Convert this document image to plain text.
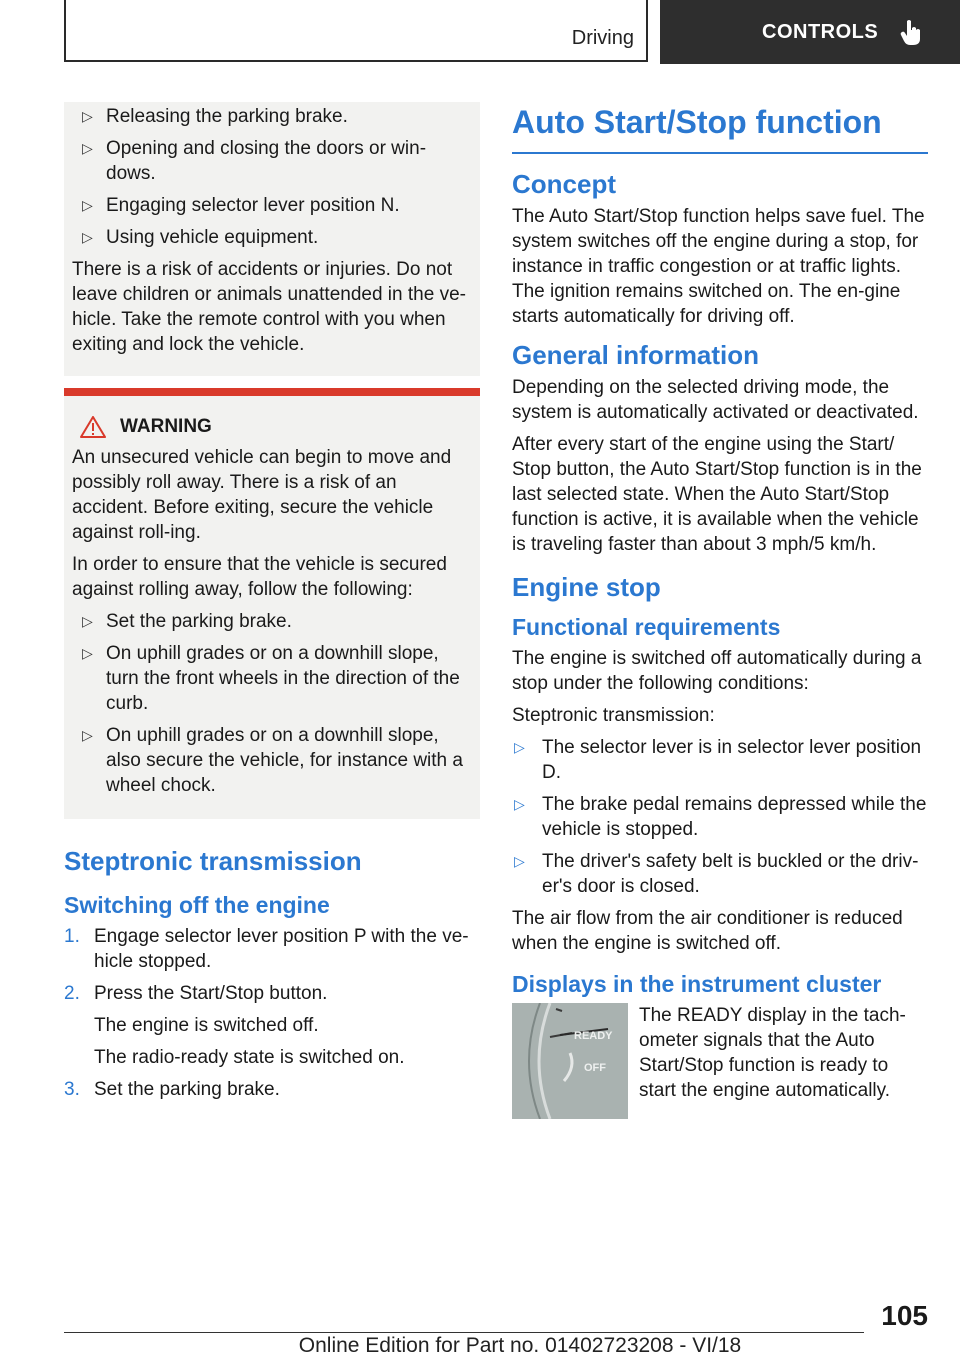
Driving	CONTROLS
▷ Releasing the parking brake.
▷ Opening and closing the doors or win-dows.
▷ Engaging selector lever position N.
▷ Using vehicle equipment.

There is a risk of accidents or injuries. Do not leave children or animals unattended in the ve-hicle. Take the remote control with you when exiting and lock the vehicle.

WARNING

An unsecured vehicle can begin to move and possibly roll away. There is a risk of an accident. Before exiting, secure the vehicle against roll-ing.

In order to ensure that the vehicle is secured against rolling away, follow the following:

▷ Set the parking brake.
▷ On uphill grades or on a downhill slope, turn the front wheels in the direction of the curb.
▷ On uphill grades or on a downhill slope, also secure the vehicle, for instance with a wheel chock.
Steptronic transmission
Switching off the engine
1. Engage selector lever position P with the ve-hicle stopped.
2. Press the Start/Stop button.
The engine is switched off.
The radio-ready state is switched on.
3. Set the parking brake.
Auto Start/Stop function
Concept

The Auto Start/Stop function helps save fuel. The system switches off the engine during a stop, for instance in traffic congestion or at traffic lights. The ignition remains switched on. The en-gine starts automatically for driving off.

General information

Depending on the selected driving mode, the system is automatically activated or deactivated.

After every start of the engine using the Start/ Stop button, the Auto Start/Stop function is in the last selected state. When the Auto Start/Stop function is active, it is available when the vehicle is traveling faster than about 3 mph/5 km/h.

Engine stop
Functional requirements

The engine is switched off automatically during a stop under the following conditions:

Steptronic transmission:

▷ The selector lever is in selector lever position D.
▷ The brake pedal remains depressed while the vehicle is stopped.
▷ The driver's safety belt is buckled or the driv-er's door is closed.

The air flow from the air conditioner is reduced when the engine is switched off.

Displays in the instrument cluster
READY
OFF

The READY display in the tach-ometer signals that the Auto Start/Stop function is ready to start the engine automatically.

105
Online Edition for Part no. 01402723208 - VI/18
